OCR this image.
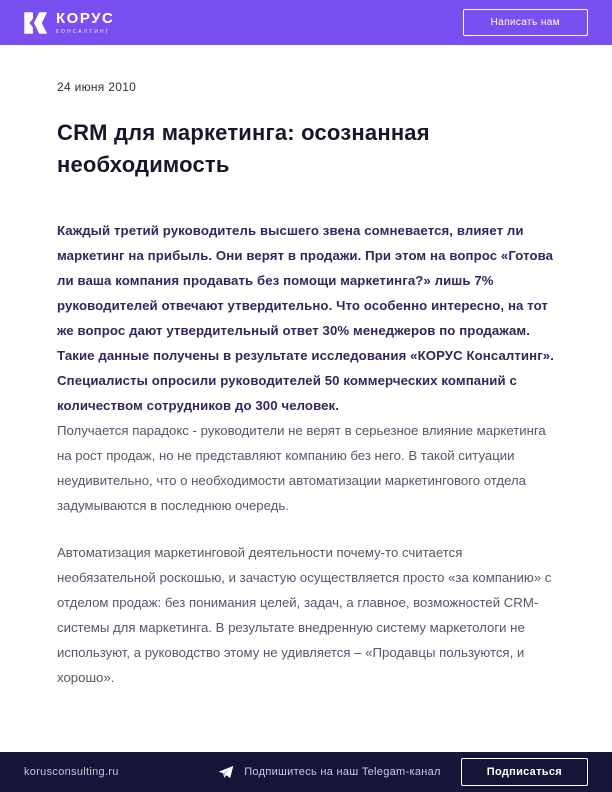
КОРУС
КОНСАЛТИНГ
Написать нам
24 июня 2010
CRM для маркетинга: осознанная необходимость

Каждый третий руководитель высшего звена сомневается, влияет ли маркетинг на прибыль. Они верят в продажи. При этом на вопрос «Готова ли ваша компания продавать без помощи маркетинга?» лишь 7% руководителей отвечают утвердительно. Что особенно интересно, на тот же вопрос дают утвердительный ответ 30% менеджеров по продажам. Такие данные получены в результате исследования «КОРУС Консалтинг». Специалисты опросили руководителей 50 коммерческих компаний с количеством сотрудников до 300 человек.

Получается парадокс - руководители не верят в серьезное влияние маркетинга на рост продаж, но не представляют компанию без него. В такой ситуации неудивительно, что о необходимости автоматизации маркетингового отдела задумываются в последнюю очередь.

Автоматизация маркетинговой деятельности почему-то считается необязательной роскошью, и зачастую осуществляется просто «за компанию» с отделом продаж: без понимания целей, задач, а главное, возможностей CRM-системы для маркетинга. В результате внедренную систему маркетологи не используют, а руководство этому не удивляется – «Продавцы пользуются, и хорошо».

korusconsulting.ru	Подпишитесь на наш Telegam-канал	Подписаться
